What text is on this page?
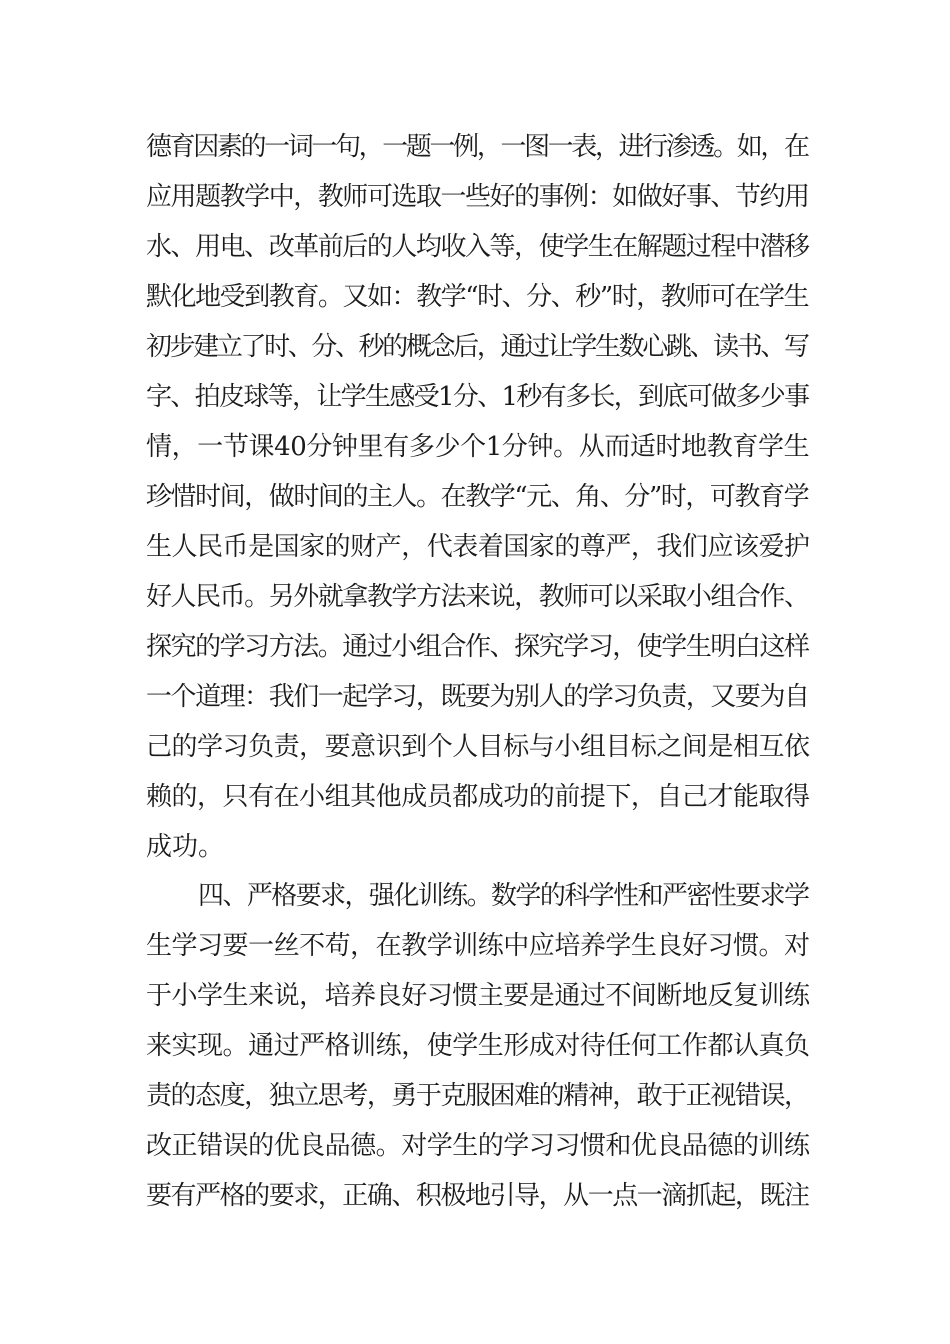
德育因素的一词一句，一题一例，一图一表，进行渗透。如，在
应用题教学中，教师可选取一些好的事例：如做好事、节约用
水、用电、改革前后的人均收入等，使学生在解题过程中潜移
默化地受到教育。又如：教学“时、分、秒”时，教师可在学生
初步建立了时、分、秒的概念后，通过让学生数心跳、读书、写
字、拍皮球等，让学生感受1分、1秒有多长，到底可做多少事
情，一节课40分钟里有多少个1分钟。从而适时地教育学生
珍惜时间，做时间的主人。在教学“元、角、分”时，可教育学
生人民币是国家的财产，代表着国家的尊严，我们应该爱护
好人民币。另外就拿教学方法来说，教师可以采取小组合作、
探究的学习方法。通过小组合作、探究学习，使学生明白这样
一个道理：我们一起学习，既要为别人的学习负责，又要为自
己的学习负责，要意识到个人目标与小组目标之间是相互依
赖的，只有在小组其他成员都成功的前提下，自己才能取得
成功。
四、严格要求，强化训练。数学的科学性和严密性要求学
生学习要一丝不苟，在教学训练中应培养学生良好习惯。对
于小学生来说，培养良好习惯主要是通过不间断地反复训练
来实现。通过严格训练，使学生形成对待任何工作都认真负
责的态度，独立思考，勇于克服困难的精神，敢于正视错误，
改正错误的优良品德。对学生的学习习惯和优良品德的训练
要有严格的要求，正确、积极地引导，从一点一滴抓起，既注
